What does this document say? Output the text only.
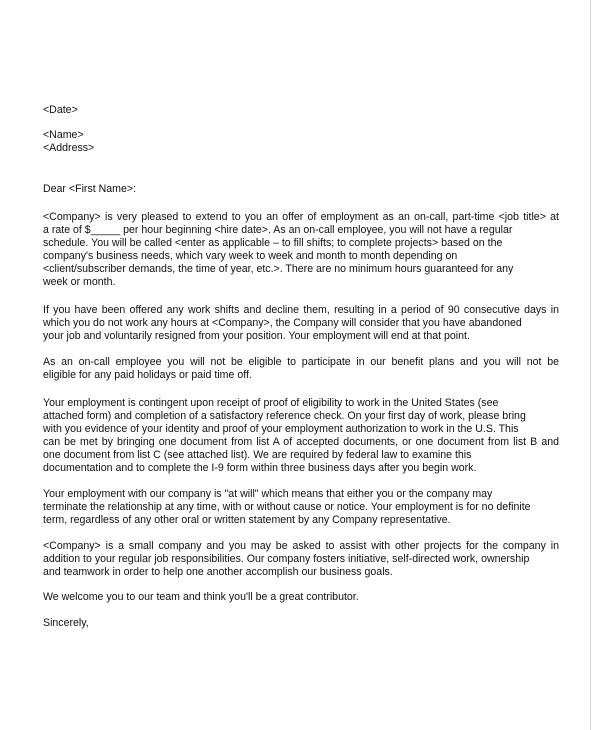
<Date>
<Name>
<Address>
Dear <First Name>:
<Company> is very pleased to extend to you an offer of employment as an on-call, part-time <job title> at
a rate of $_____ per hour beginning <hire date>. As an on-call employee, you will not have a regular
schedule. You will be called <enter as applicable – to fill shifts; to complete projects> based on the
company's business needs, which vary week to week and month to month depending on
<client/subscriber demands, the time of year, etc.>. There are no minimum hours guaranteed for any
week or month.
If you have been offered any work shifts and decline them, resulting in a period of 90 consecutive days in
which you do not work any hours at <Company>, the Company will consider that you have abandoned
your job and voluntarily resigned from your position. Your employment will end at that point.
As an on-call employee you will not be eligible to participate in our benefit plans and you will not be
eligible for any paid holidays or paid time off.
Your employment is contingent upon receipt of proof of eligibility to work in the United States (see
attached form) and completion of a satisfactory reference check. On your first day of work, please bring
with you evidence of your identity and proof of your employment authorization to work in the U.S. This
can be met by bringing one document from list A of accepted documents, or one document from list B and
one document from list C (see attached list). We are required by federal law to examine this
documentation and to complete the I-9 form within three business days after you begin work.
Your employment with our company is "at will" which means that either you or the company may
terminate the relationship at any time, with or without cause or notice. Your employment is for no definite
term, regardless of any other oral or written statement by any Company representative.
<Company> is a small company and you may be asked to assist with other projects for the company in
addition to your regular job responsibilities. Our company fosters initiative, self-directed work, ownership
and teamwork in order to help one another accomplish our business goals.
We welcome you to our team and think you'll be a great contributor.
Sincerely,
